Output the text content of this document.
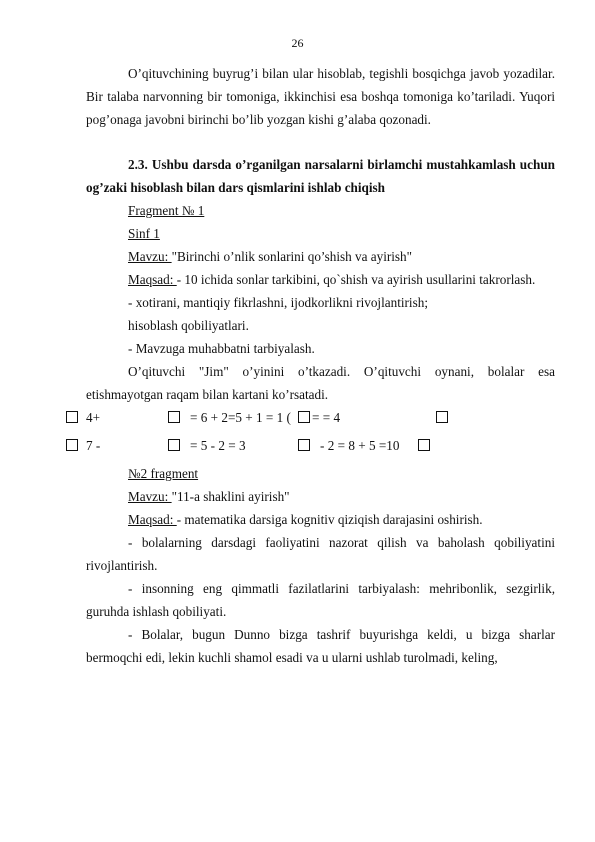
26

O’qituvchining buyrug’i bilan ular hisoblab, tegishli bosqichga javob yozadilar. Bir talaba narvonning bir tomoniga, ikkinchisi esa boshqa tomoniga ko’tariladi. Yuqori pog’onaga javobni birinchi bo’lib yozgan kishi g’alaba qozonadi.

2.3. Ushbu darsda o’rganilgan narsalarni birlamchi mustahkamlash uchun og’zaki hisoblash bilan dars qismlarini ishlab chiqish

Fragment № 1
Sinf 1
Mavzu: "Birinchi o’nlik sonlarini qo’shish va ayirish"

Maqsad: - 10 ichida sonlar tarkibini, qo`shish va ayirish usullarini takrorlash.

- xotirani, mantiqiy fikrlashni, ijodkorlikni rivojlantirish;
hisoblash qobiliyatlari.
- Mavzuga muhabbatni tarbiyalash.

O’qituvchi "Jim" o’yinini o’tkazadi. O’qituvchi oynani, bolalar esa etishmayotgan raqam bilan kartani ko’rsatadi.

4+	= 6 + 2=5 + 1 = 1 ( = = 4
7 -	= 5 - 2 = 3	- 2 = 8 + 5 =10
№2 fragment
Mavzu: "11-a shaklini ayirish"
Maqsad: - matematika darsiga kognitiv qiziqish darajasini oshirish.

- bolalarning darsdagi faoliyatini nazorat qilish va baholash qobiliyatini rivojlantirish.

- insonning eng qimmatli fazilatlarini tarbiyalash: mehribonlik, sezgirlik, guruhda ishlash qobiliyati.

- Bolalar, bugun Dunno bizga tashrif buyurishga keldi, u bizga sharlar bermoqchi edi, lekin kuchli shamol esadi va u ularni ushlab turolmadi, keling,
